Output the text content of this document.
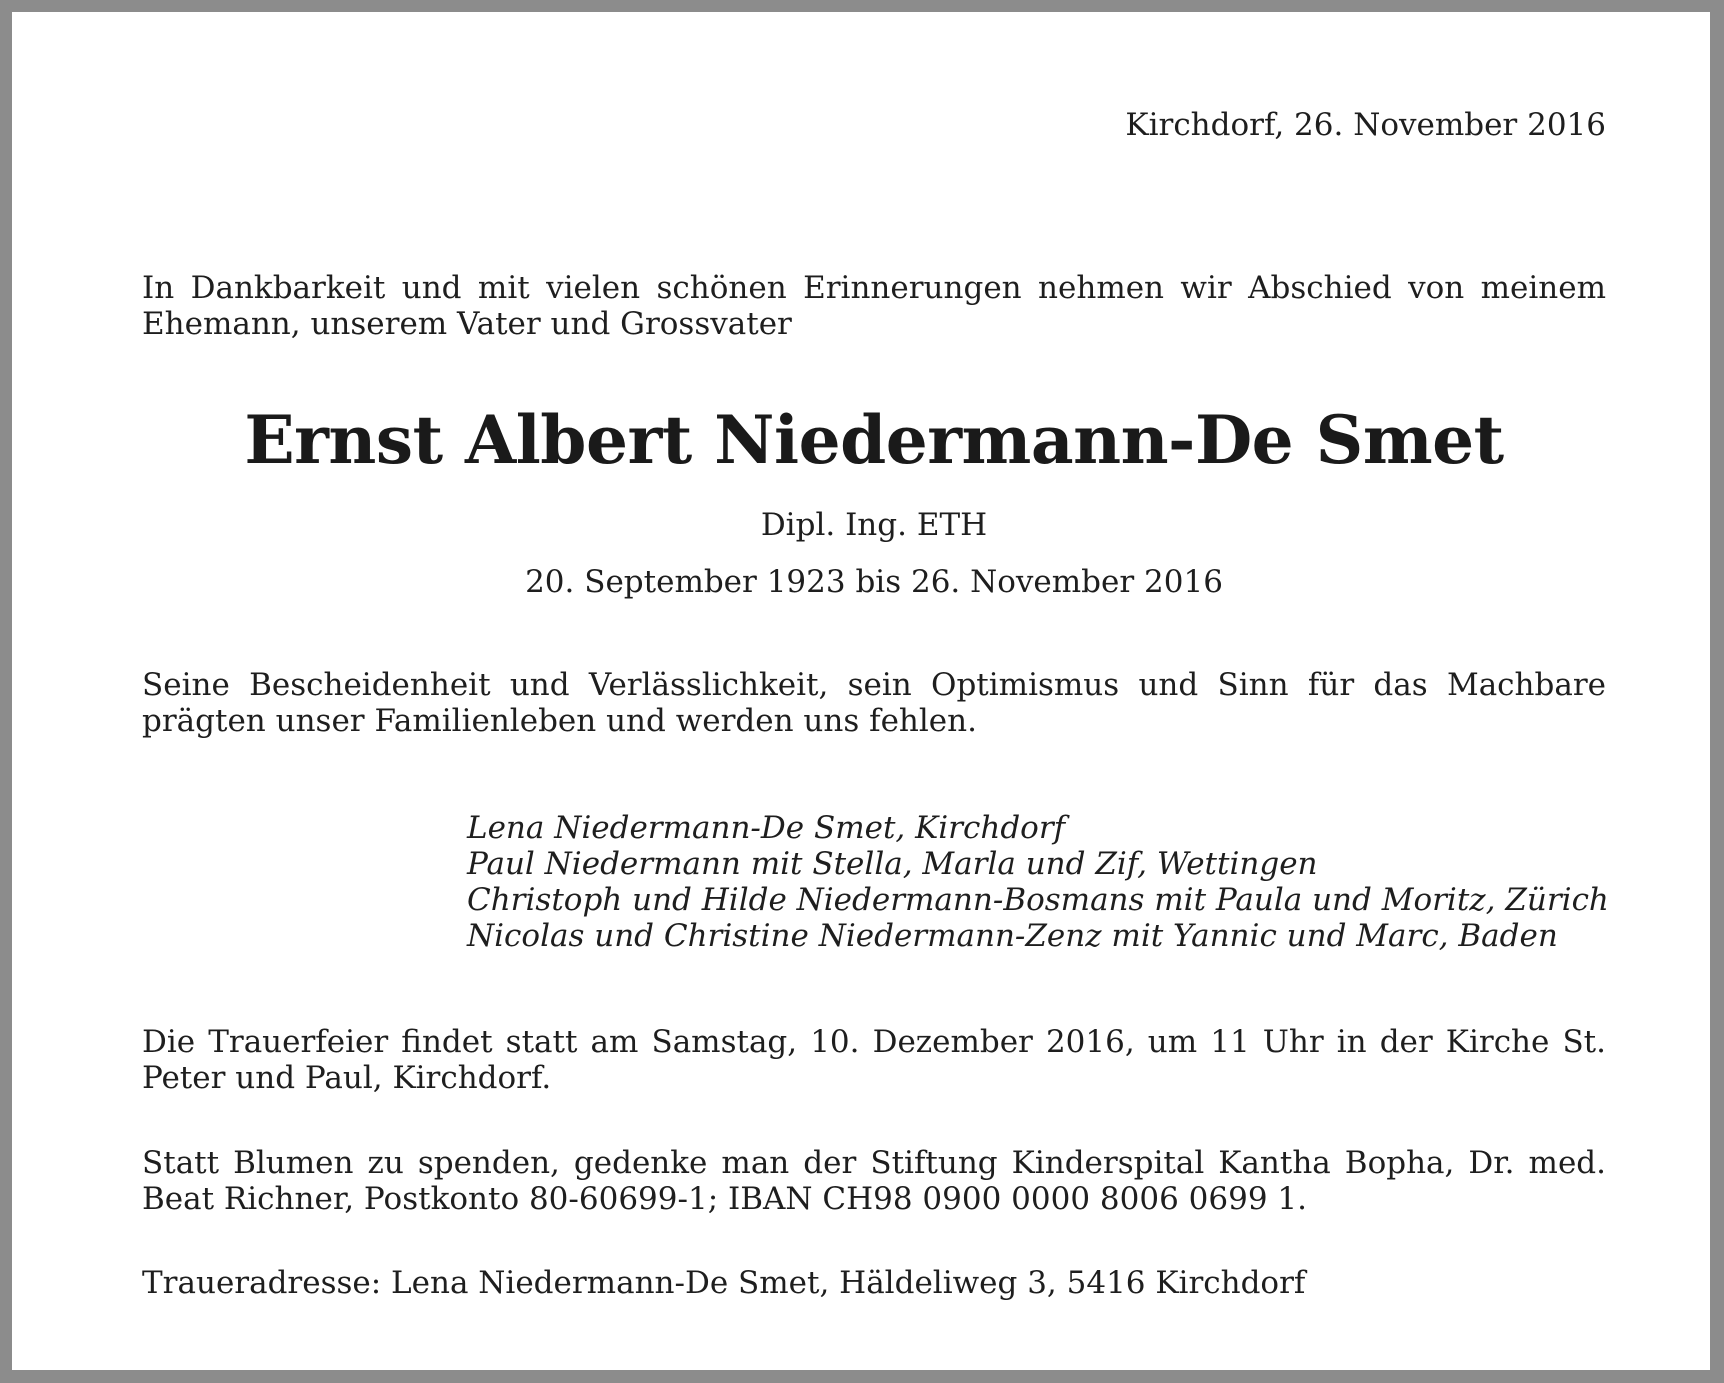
Kirchdorf, 26. November 2016
In Dankbarkeit und mit vielen schönen Erinnerungen nehmen wir Abschied von meinem Ehemann, unserem Vater und Grossvater
Ernst Albert Niedermann-De Smet
Dipl. Ing. ETH
20. September 1923 bis 26. November 2016
Seine Bescheidenheit und Verlässlichkeit, sein Optimismus und Sinn für das Machbare prägten unser Familienleben und werden uns fehlen.
Lena Niedermann-De Smet, Kirchdorf
Paul Niedermann mit Stella, Marla und Zif, Wettingen
Christoph und Hilde Niedermann-Bosmans mit Paula und Moritz, Zürich
Nicolas und Christine Niedermann-Zenz mit Yannic und Marc, Baden
Die Trauerfeier findet statt am Samstag, 10. Dezember 2016, um 11 Uhr in der Kirche St. Peter und Paul, Kirchdorf.
Statt Blumen zu spenden, gedenke man der Stiftung Kinderspital Kantha Bopha, Dr. med. Beat Richner, Postkonto 80-60699-1; IBAN CH98 0900 0000 8006 0699 1.
Traueradresse: Lena Niedermann-De Smet, Häldeliweg 3, 5416 Kirchdorf
